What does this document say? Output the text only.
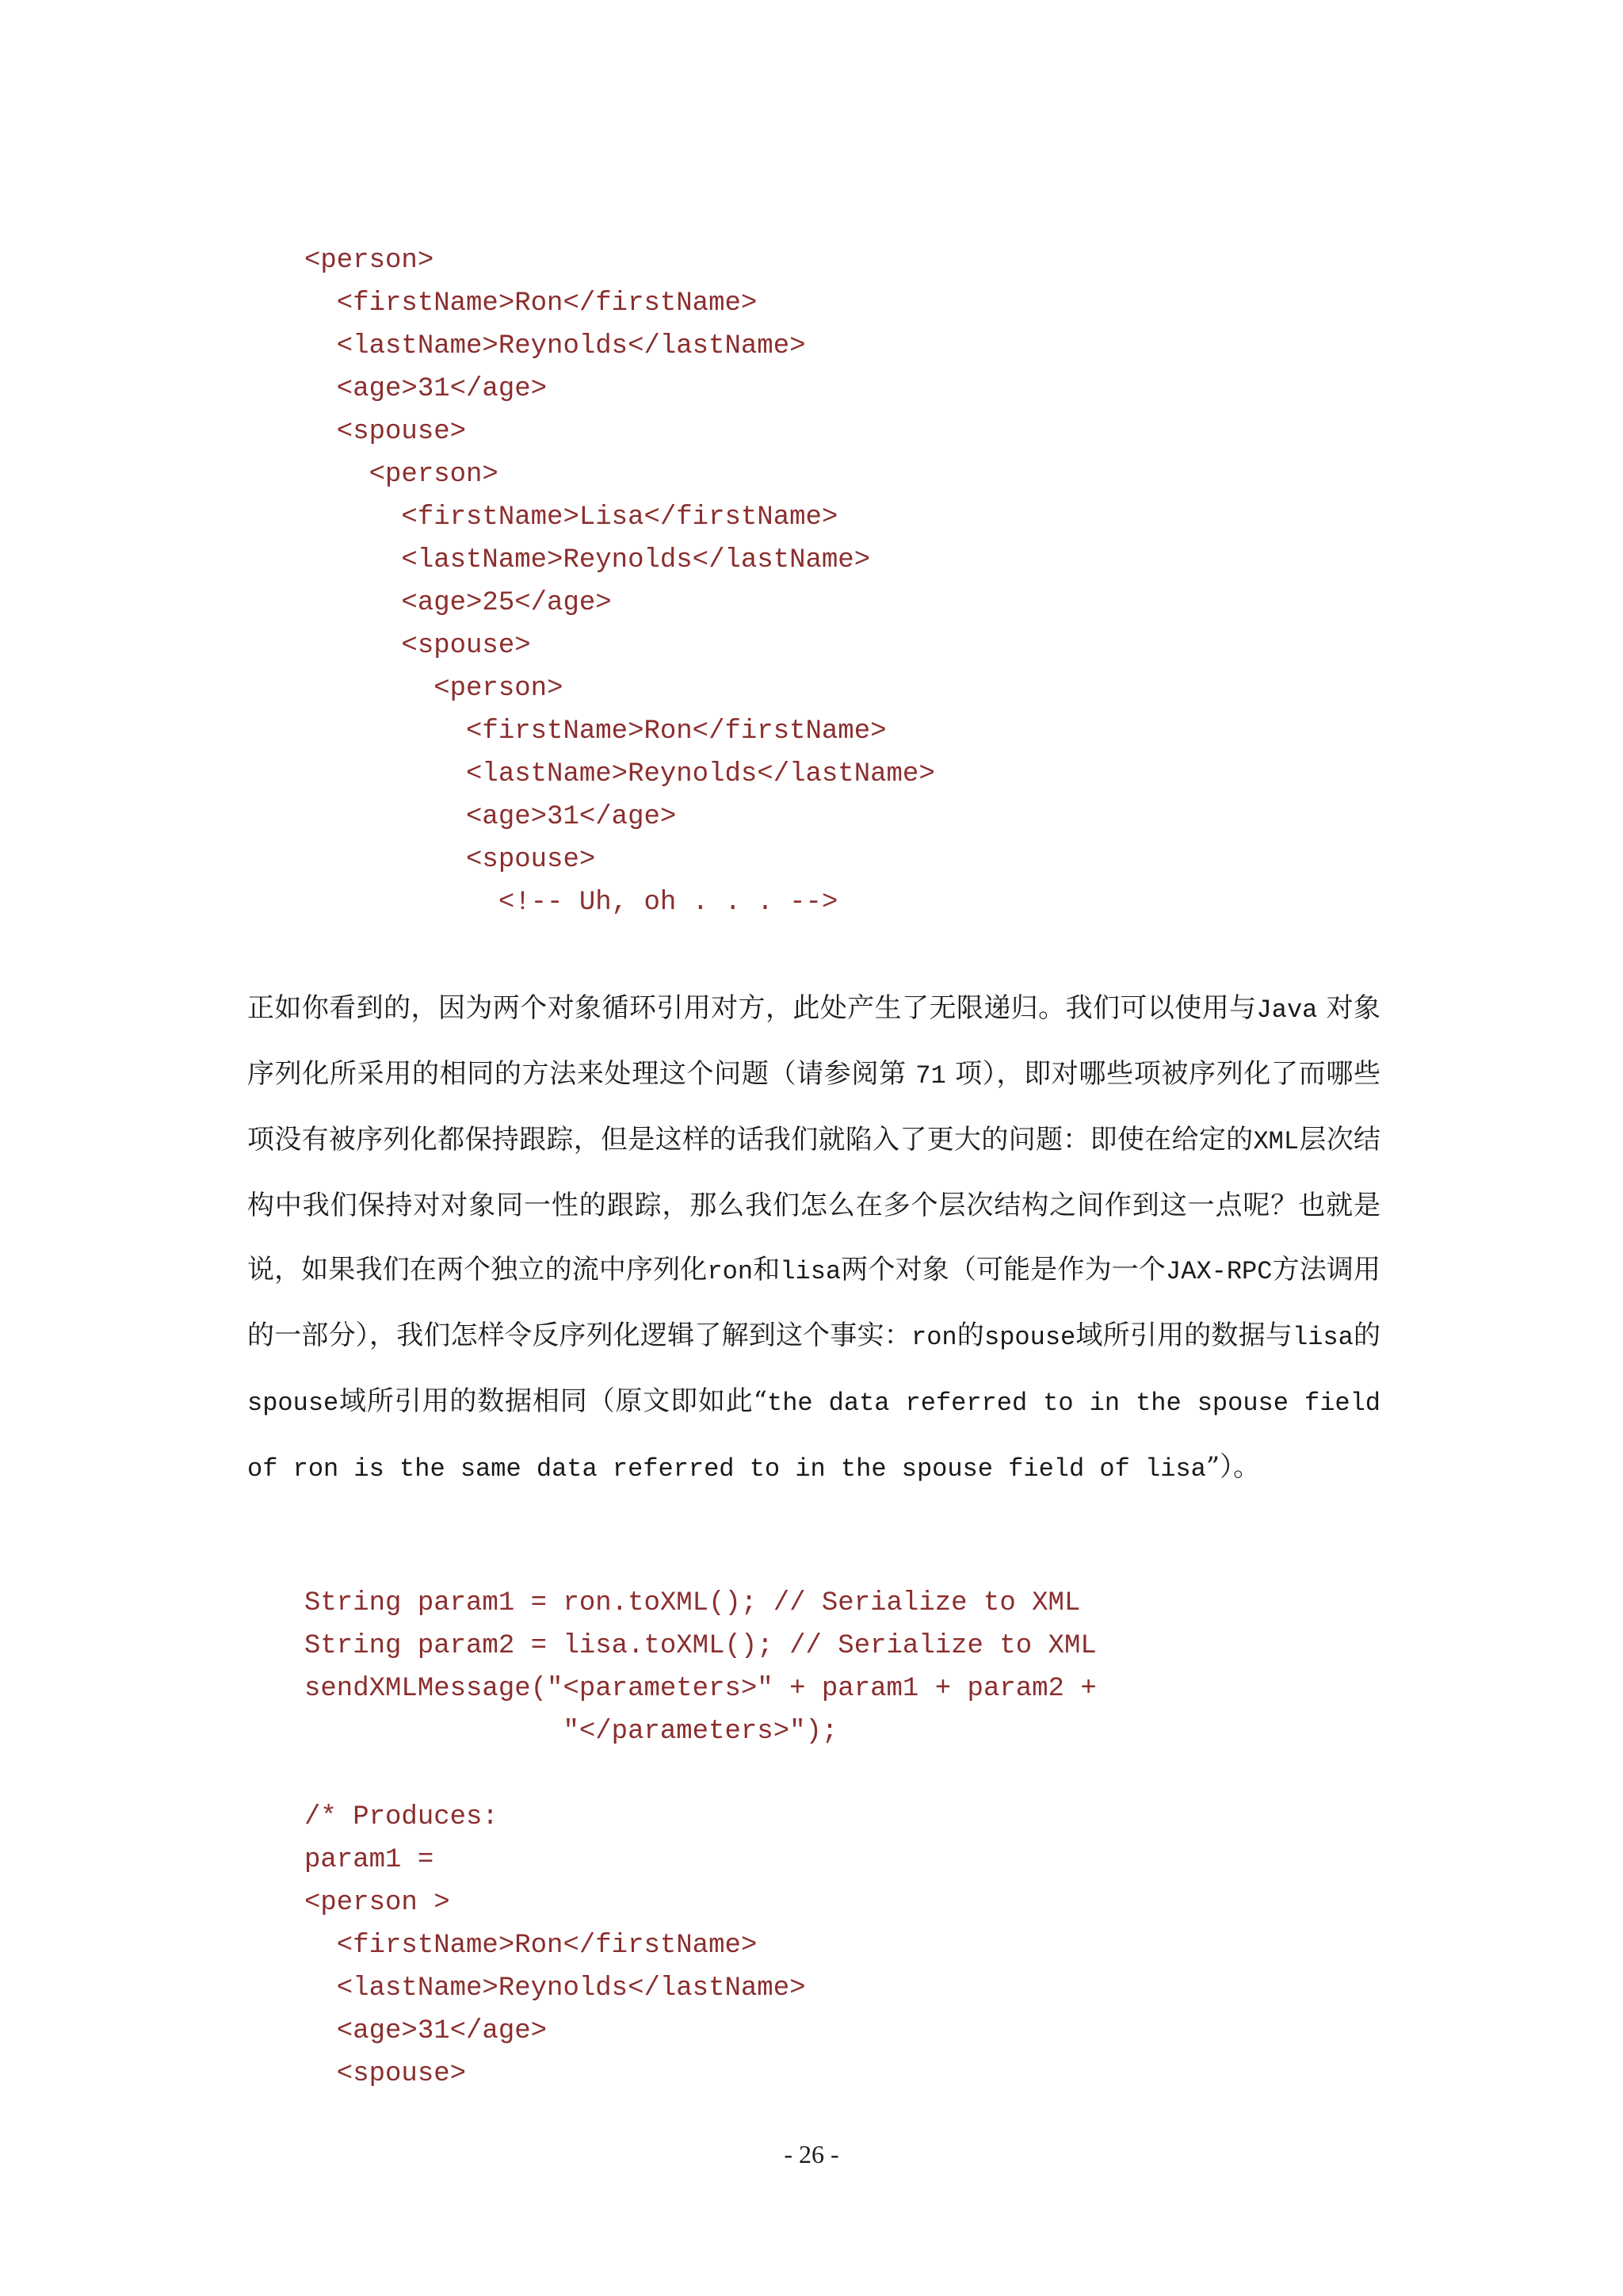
<person>
<firstName>Ron</firstName>
<lastName>Reynolds</lastName>
<age>31</age>
<spouse>
<person>
<firstName>Lisa</firstName>
<lastName>Reynolds</lastName>
<age>25</age>
<spouse>
<person>
<firstName>Ron</firstName>
<lastName>Reynolds</lastName>
<age>31</age>
<spouse>
<!-- Uh, oh . . . -->

正如你看到的，因为两个对象循环引用对方，此处产生了无限递归。我们可以使用与Java 对象序列化所采用的相同的方法来处理这个问题（请参阅第 71 项），即对哪些项被序列化了而哪些项没有被序列化都保持跟踪，但是这样的话我们就陷入了更大的问题：即使在给定的XML层次结构中我们保持对对象同一性的跟踪，那么我们怎么在多个层次结构之间作到这一点呢？也就是说，如果我们在两个独立的流中序列化ron和lisa两个对象（可能是作为一个JAX-RPC方法调用的一部分），我们怎样令反序列化逻辑了解到这个事实：ron的spouse域所引用的数据与lisa的spouse域所引用的数据相同（原文即如此“the data referred to in the spouse field of ron is the same data referred to in the spouse field of lisa”）。

String param1 = ron.toXML(); // Serialize to XML
String param2 = lisa.toXML(); // Serialize to XML
sendXMLMessage("<parameters>" + param1 + param2 +
"</parameters>");
/* Produces:
param1 =
<person >
<firstName>Ron</firstName>
<lastName>Reynolds</lastName>
<age>31</age>
<spouse>
- 26 -
